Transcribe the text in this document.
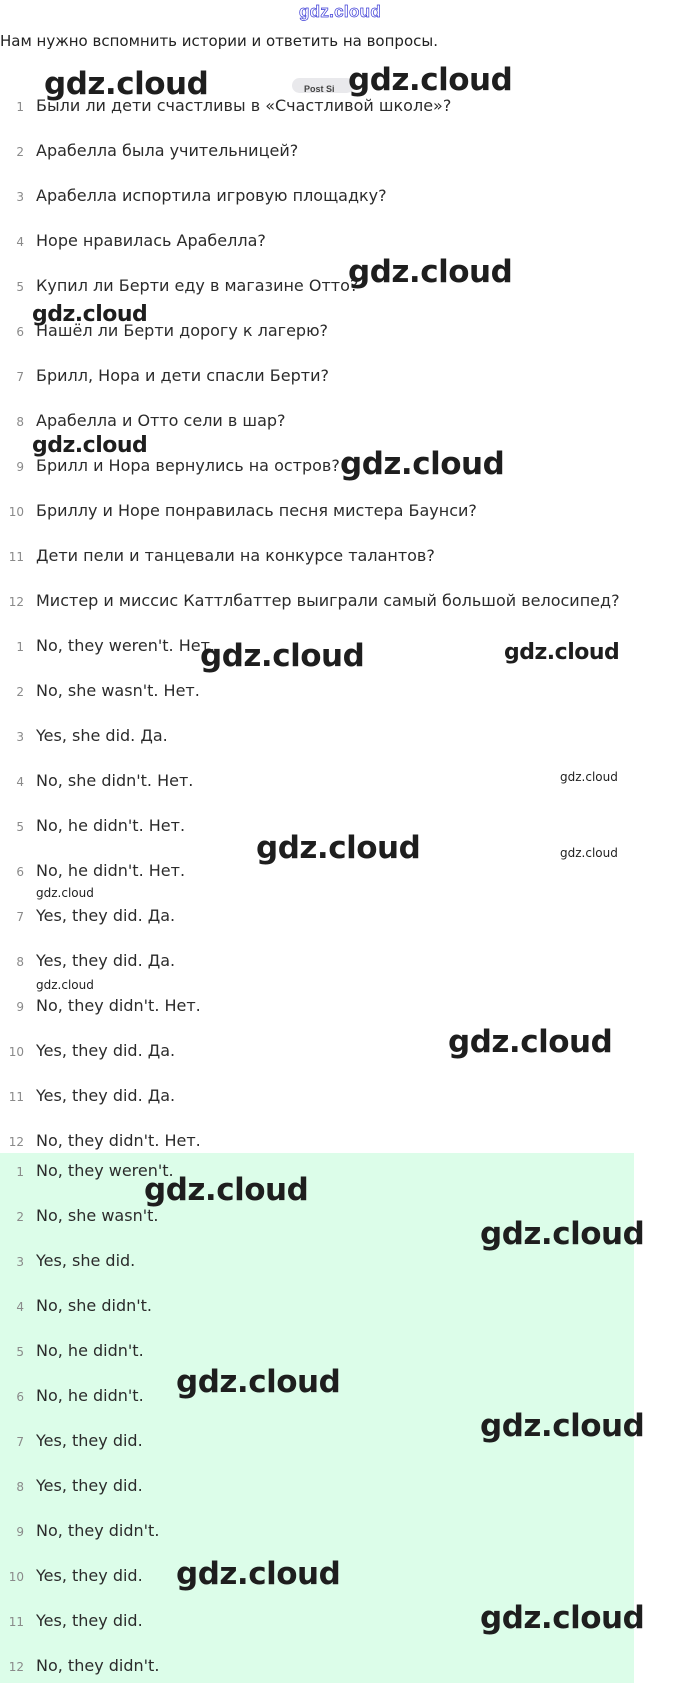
gdz.cloud
Нам нужно вспомнить истории и ответить на вопросы.
Post Si
1 Были ли дети счастливы в «Счастливой школе»?
2 Арабелла была учительницей?
3 Арабелла испортила игровую площадку?
4 Норе нравилась Арабелла?
5 Купил ли Берти еду в магазине Отто?
6 Нашёл ли Берти дорогу к лагерю?
7 Брилл, Нора и дети спасли Берти?
8 Арабелла и Отто сели в шар?
9 Брилл и Нора вернулись на остров?
10 Бриллу и Норе понравилась песня мистера Баунси?
11 Дети пели и танцевали на конкурсе талантов?
12 Мистер и миссис Каттлбаттер выиграли самый большой велосипед?
1 No, they weren't. Нет.
2 No, she wasn't. Нет.
3 Yes, she did. Да.
4 No, she didn't. Нет.
5 No, he didn't. Нет.
6 No, he didn't. Нет.
7 Yes, they did. Да.
8 Yes, they did. Да.
9 No, they didn't. Нет.
10 Yes, they did. Да.
11 Yes, they did. Да.
12 No, they didn't. Нет.
1 No, they weren't.
2 No, she wasn't.
3 Yes, she did.
4 No, she didn't.
5 No, he didn't.
6 No, he didn't.
7 Yes, they did.
8 Yes, they did.
9 No, they didn't.
10 Yes, they did.
11 Yes, they did.
12 No, they didn't.
gdz.cloud	gdz.cloud
gdz.cloud
gdz.cloud
gdz.cloud
gdz.cloud
gdz.cloud	gdz.cloud
gdz.cloud
gdz.cloud	gdz.cloud
gdz.cloud
gdz.cloud
gdz.cloud
gdz.cloud
gdz.cloud
gdz.cloud
gdz.cloud
gdz.cloud
gdz.cloud
